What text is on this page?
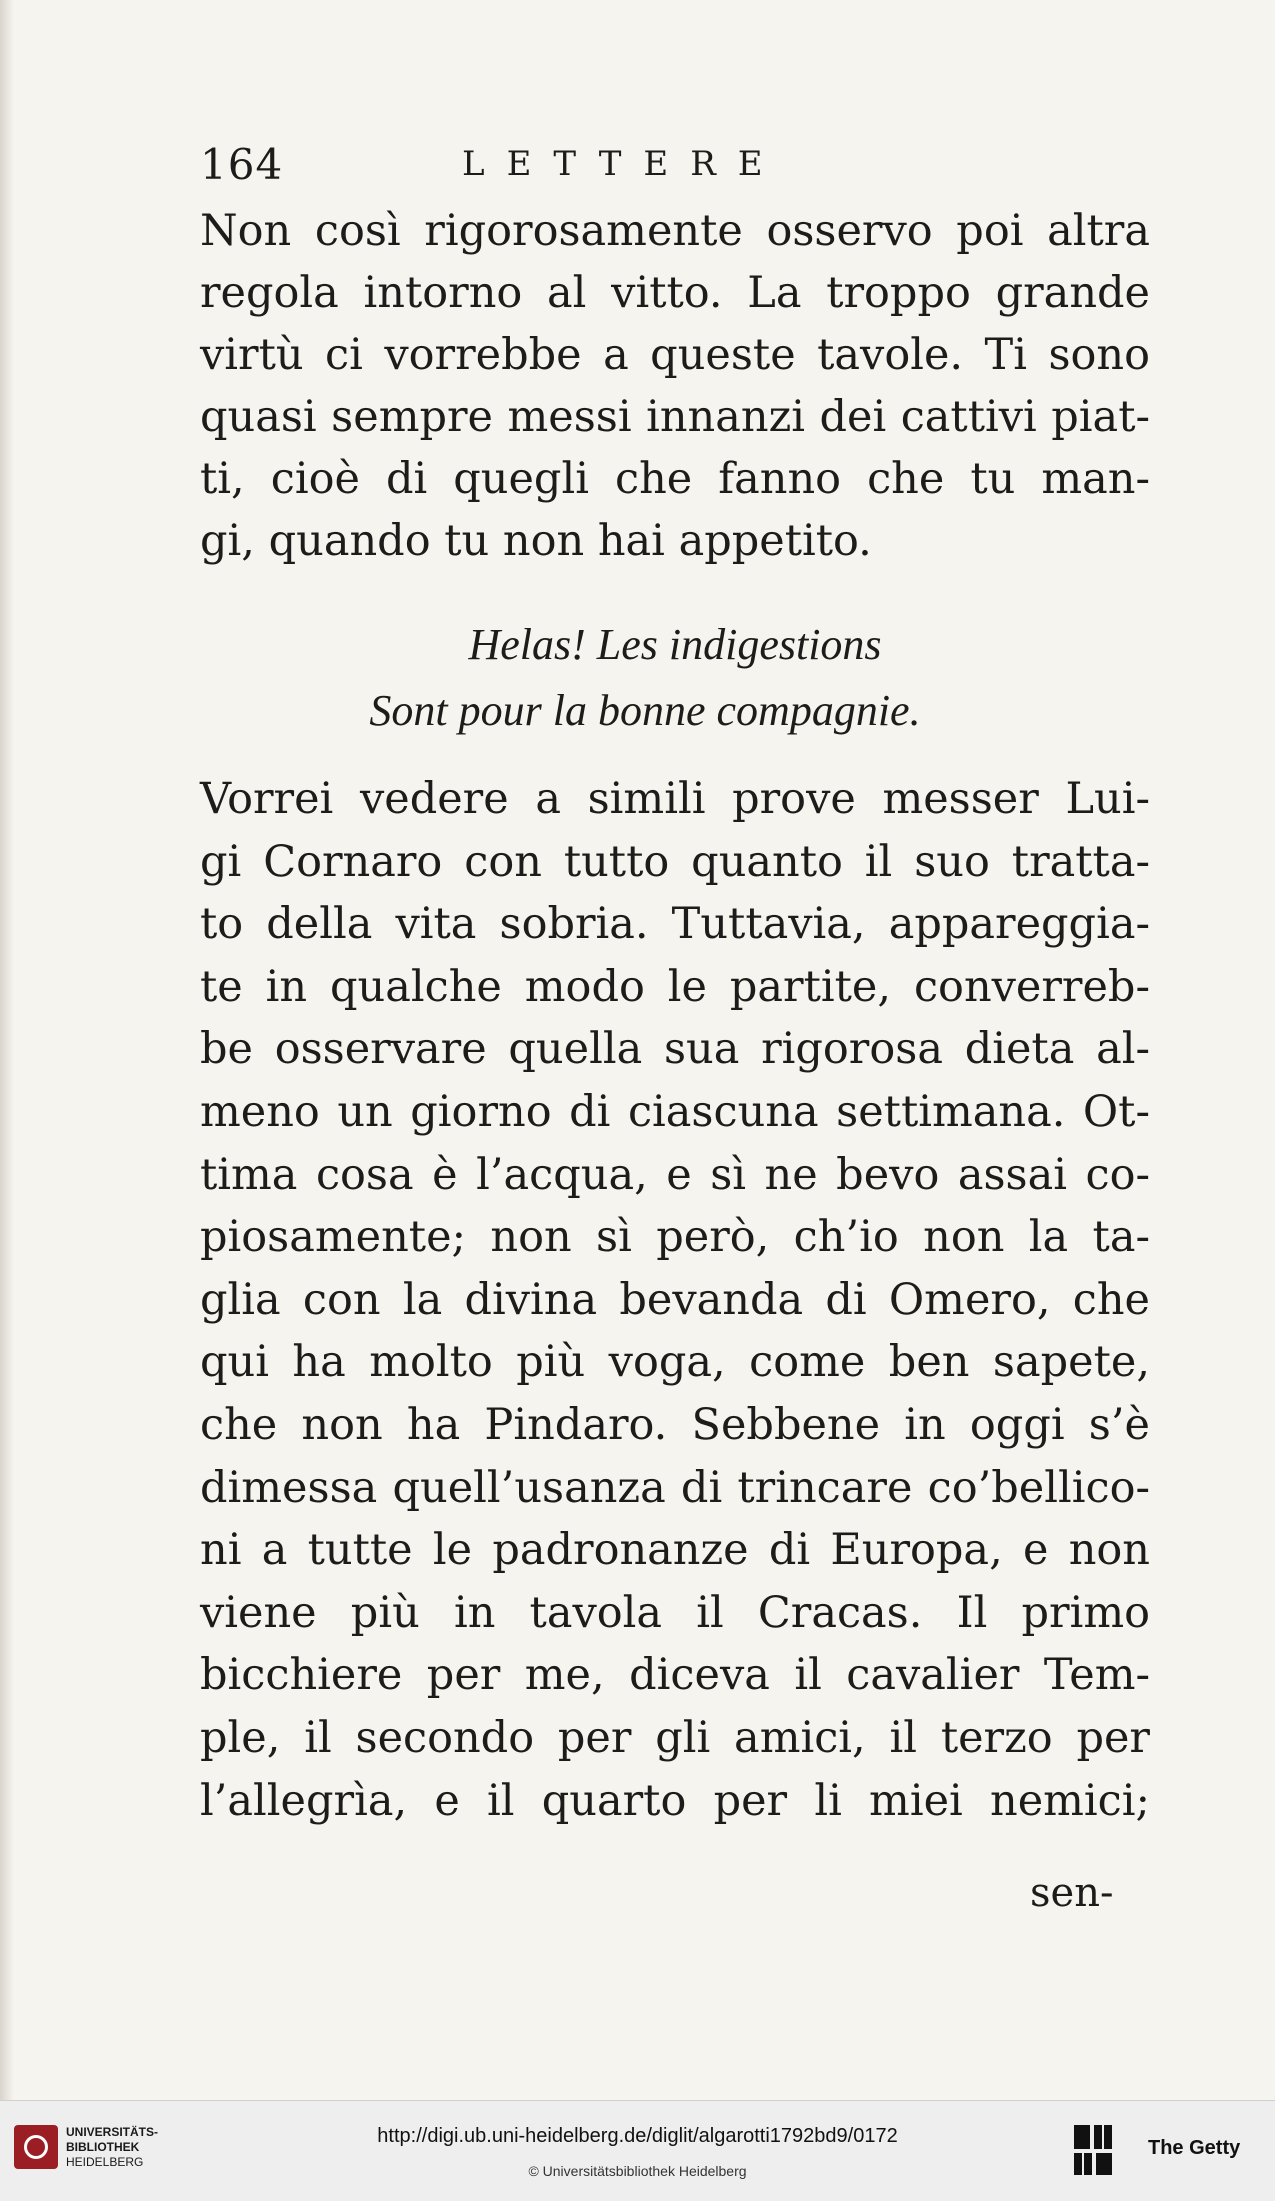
164	LETTERE
Non così rigorosamente osservo poi altra
regola intorno al vitto. La troppo grande
virtù ci vorrebbe a queste tavole. Ti sono
quasi sempre messi innanzi dei cattivi piat-
ti, cioè di quegli che fanno che tu man-
gi, quando tu non hai appetito.
Helas! Les indigestions
Sont pour la bonne compagnie.
Vorrei vedere a simili prove messer Lui-
gi Cornaro con tutto quanto il suo tratta-
to della vita sobria. Tuttavia, appareggia-
te in qualche modo le partite, converreb-
be osservare quella sua rigorosa dieta al-
meno un giorno di ciascuna settimana. Ot-
tima cosa è l’acqua, e sì ne bevo assai co-
piosamente; non sì però, ch’io non la ta-
glia con la divina bevanda di Omero, che
qui ha molto più voga, come ben sapete,
che non ha Pindaro. Sebbene in oggi s’è
dimessa quell’usanza di trincare co’bellico-
ni a tutte le padronanze di Europa, e non
viene più in tavola il Cracas. Il primo
bicchiere per me, diceva il cavalier Tem-
ple, il secondo per gli amici, il terzo per
l’allegrìa, e il quarto per li miei nemici;
sen-
UNIVERSITÄTS-
BIBLIOTHEK
HEIDELBERG
http://digi.ub.uni-heidelberg.de/diglit/algarotti1792bd9/0172
© Universitätsbibliothek Heidelberg
The Getty
